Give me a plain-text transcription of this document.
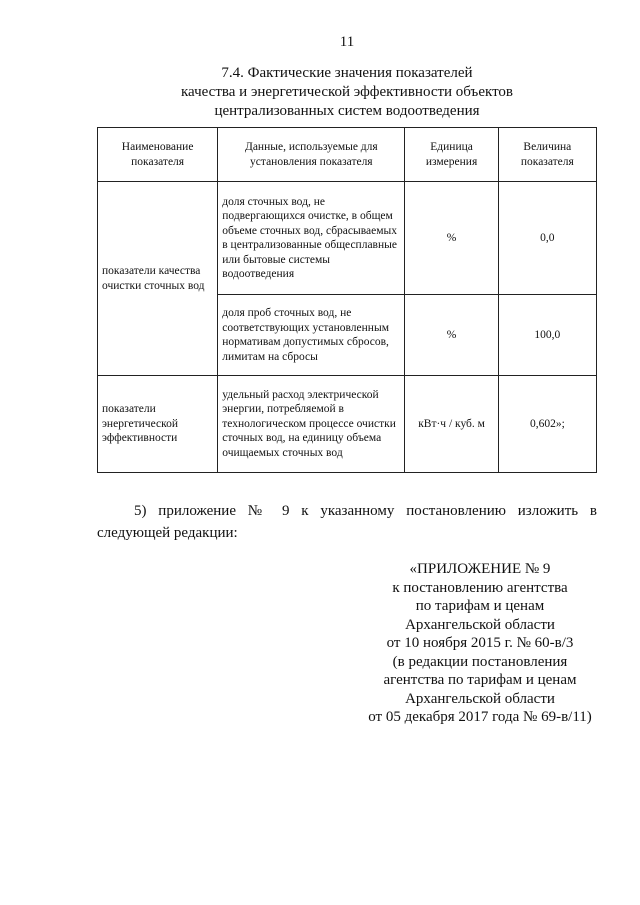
11
7.4. Фактические значения показателей
качества и энергетической эффективности объектов
централизованных систем водоотведения
Наименование показателя	Данные, используемые для установления показателя	Единица измерения	Величина показателя
показатели качества очистки сточных вод	доля сточных вод, не подвергающихся очистке, в общем объеме сточных вод, сбрасываемых в централизованные общесплавные или бытовые системы водоотведения	%	0,0
	доля проб сточных вод, не соответствующих установленным нормативам допустимых сбросов, лимитам на сбросы	%	100,0
показатели энергетической эффективности	удельный расход электрической энергии, потребляемой в технологическом процессе очистки сточных вод, на единицу объема очищаемых сточных вод	кВт·ч / куб. м	0,602»;
5) приложение № 9 к указанному постановлению изложить в
следующей редакции:
«ПРИЛОЖЕНИЕ № 9
к постановлению агентства
по тарифам и ценам
Архангельской области
от 10 ноября 2015 г. № 60-в/3
(в редакции постановления
агентства по тарифам и ценам
Архангельской области
от 05 декабря 2017 года № 69-в/11)
